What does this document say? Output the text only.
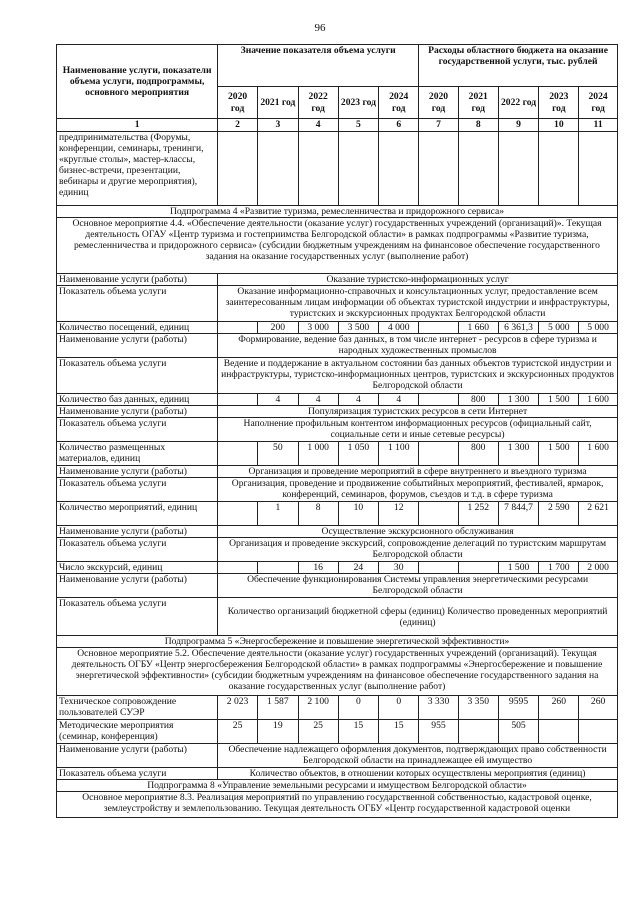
96
Наименование услуги, показатели объема услуги, подпрограммы, основного мероприятия	Значение показателя объема услуги					Расходы областного бюджета на оказание государственной услуги, тыс. рублей				
	2020 год	2021 год	2022 год	2023 год	2024 год	2020 год	2021 год	2022 год	2023 год	2024 год
1	2	3	4	5	6	7	8	9	10	11
предпринимательства (Форумы, конференции, семинары, тренинги, «круглые столы», мастер-классы, бизнес-встречи, презентации, вебинары и другие мероприятия), единиц										
Подпрограмма 4 «Развитие туризма, ремесленничества и придорожного сервиса»										
Основное мероприятие 4.4. «Обеспечение деятельности (оказание услуг) государственных учреждений (организаций)». Текущая деятельность ОГАУ «Центр туризма и гостеприимства Белгородской области» в рамках подпрограммы «Развитие туризма, ремесленничества и придорожного сервиса» (субсидии бюджетным учреждениям на финансовое обеспечение государственного задания на оказание государственных услуг (выполнение работ)										
Наименование услуги (работы)	Оказание туристско-информационных услуг									
Показатель объема услуги	Оказание информационно-справочных и консультационных услуг, предоставление всем заинтересованным лицам информации об объектах туристской индустрии и инфраструктуры, туристских и экскурсионных продуктах Белгородской области									
Количество посещений, единиц		200	3 000	3 500	4 000		1 660	6 361,3	5 000	5 000
Наименование услуги (работы)	Формирование, ведение баз данных, в том числе интернет - ресурсов в сфере туризма и народных художественных промыслов									
Показатель объема услуги	Ведение и поддержание в актуальном состоянии баз данных объектов туристской индустрии и инфраструктуры, туристско-информационных центров, туристских и экскурсионных продуктов Белгородской области									
Количество баз данных, единиц		4	4	4	4		800	1 300	1 500	1 600
Наименование услуги (работы)	Популяризация туристских ресурсов в сети Интернет									
Показатель объема услуги	Наполнение профильным контентом информационных ресурсов (официальный сайт, социальные сети и иные сетевые ресурсы)									
Количество размещенных материалов, единиц		50	1 000	1 050	1 100		800	1 300	1 500	1 600
Наименование услуги (работы)	Организация и проведение мероприятий в сфере внутреннего и въездного туризма									
Показатель объема услуги	Организация, проведение и продвижение событийных мероприятий, фестивалей, ярмарок, конференций, семинаров, форумов, съездов и т.д. в сфере туризма									
Количество мероприятий, единиц		1	8	10	12		1 252	7 844,7	2 590	2 621
Наименование услуги (работы)	Осуществление экскурсионного обслуживания									
Показатель объема услуги	Организация и проведение экскурсий, сопровождение делегаций по туристским маршрутам Белгородской области									
Число экскурсий, единиц			16	24	30			1 500	1 700	2 000
Наименование услуги (работы)	Обеспечение функционирования Системы управления энергетическими ресурсами Белгородской области									
Показатель объема услуги	Количество организаций бюджетной сферы (единиц) Количество проведенных мероприятий (единиц)									
Подпрограмма 5 «Энергосбережение и повышение энергетической эффективности»										
Основное мероприятие 5.2. Обеспечение деятельности (оказание услуг) государственных учреждений (организаций). Текущая деятельность ОГБУ «Центр энергосбережения Белгородской области» в рамках подпрограммы «Энергосбережение и повышение энергетической эффективности» (субсидии бюджетным учреждениям на финансовое обеспечение государственного задания на оказание государственных услуг (выполнение работ)										
Техническое сопровождение пользователей СУЭР	2 023	1 587	2 100	0	0	3 330	3 350	9595	260	260
Методические мероприятия (семинар, конференция)	25	19	25	15	15	955		505		
Наименование услуги (работы)	Обеспечение надлежащего оформления документов, подтверждающих право собственности Белгородской области на принадлежащее ей имущество									
Показатель объема услуги	Количество объектов, в отношении которых осуществлены мероприятия (единиц)									
Подпрограмма 8 «Управление земельными ресурсами и имуществом Белгородской области»										
Основное мероприятие 8.3. Реализация мероприятий по управлению государственной собственностью, кадастровой оценке, землеустройству и землепользованию. Текущая деятельность ОГБУ «Центр государственной кадастровой оценки										
